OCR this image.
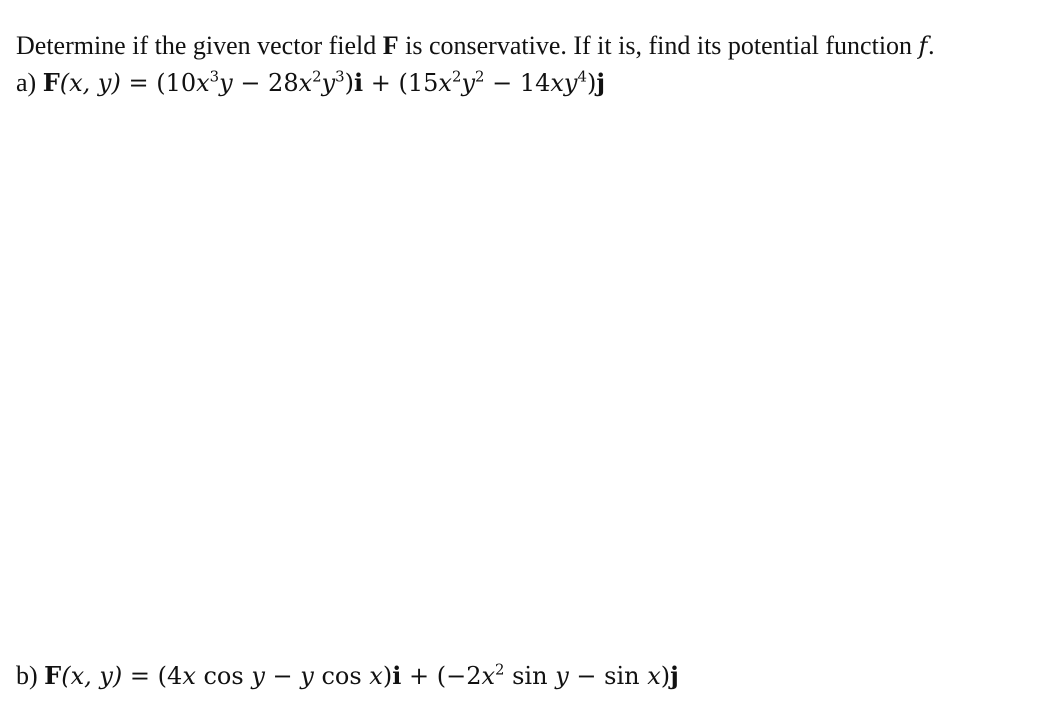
Determine if the given vector field F is conservative. If it is, find its potential function f.
a) F(x, $y) = (10x^3y - 28x^2y^3)i + (15x^2y^2 - 14xy^4)j$
b) F(x, y) = (4x cos y − y $\cos x)i + (-2x^2$ sin y − sin x)j
